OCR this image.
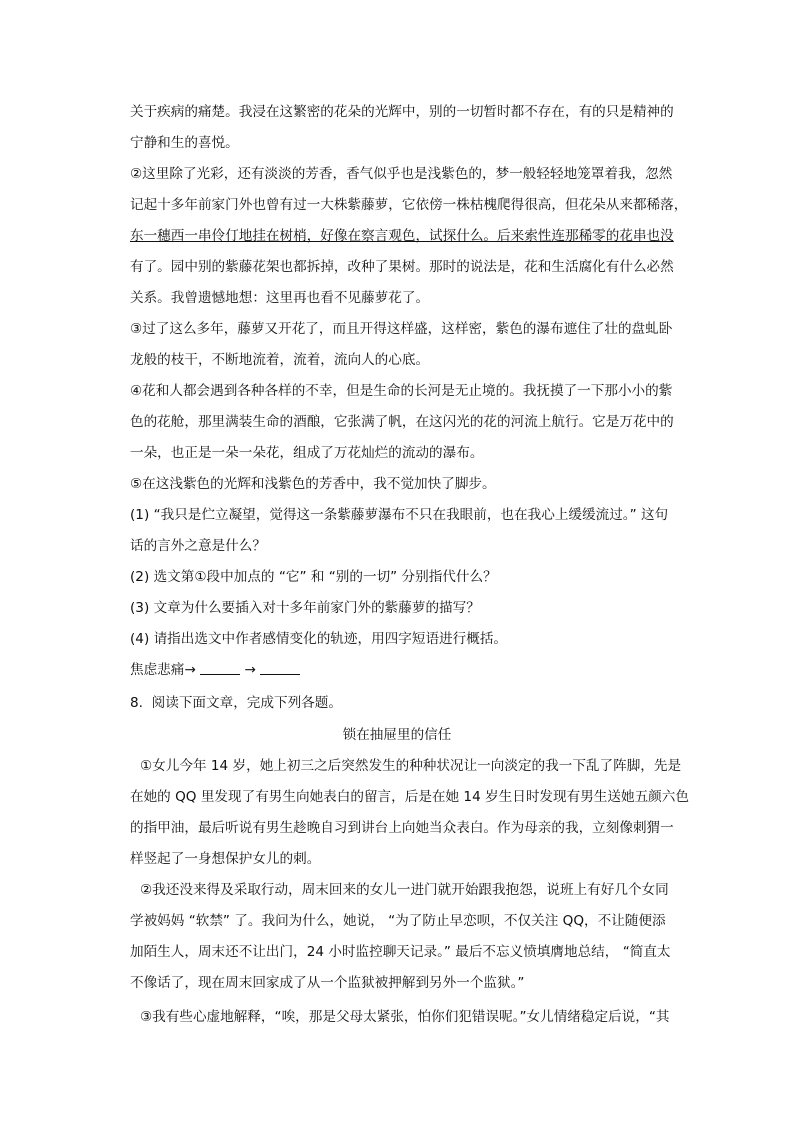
关于疾病的痛楚。我浸在这繁密的花朵的光辉中，别的一切暂时都不存在，有的只是精神的

宁静和生的喜悦。

②这里除了光彩，还有淡淡的芳香，香气似乎也是浅紫色的，梦一般轻轻地笼罩着我，忽然

记起十多年前家门外也曾有过一大株紫藤萝，它依傍一株枯槐爬得很高，但花朵从来都稀落，

东一穗西一串伶仃地挂在树梢，好像在察言观色，试探什么。后来索性连那稀零的花串也没

有了。园中别的紫藤花架也都拆掉，改种了果树。那时的说法是，花和生活腐化有什么必然

关系。我曾遗憾地想：这里再也看不见藤萝花了。

③过了这么多年，藤萝又开花了，而且开得这样盛，这样密，紫色的瀑布遮住了壮的盘虬卧

龙般的枝干，不断地流着，流着，流向人的心底。

④花和人都会遇到各种各样的不幸，但是生命的长河是无止境的。我抚摸了一下那小小的紫

色的花舱，那里满装生命的酒酿，它张满了帆，在这闪光的花的河流上航行。它是万花中的

一朵，也正是一朵一朵花，组成了万花灿烂的流动的瀑布。

⑤在这浅紫色的光辉和浅紫色的芳香中，我不觉加快了脚步。

(1) “我只是伫立凝望，觉得这一条紫藤萝瀑布不只在我眼前，也在我心上缓缓流过。” 这句

话的言外之意是什么？

(2) 选文第①段中加点的 “它” 和 “别的一切” 分别指代什么？

(3) 文章为什么要插入对十多年前家门外的紫藤萝的描写？

(4) 请指出选文中作者感情变化的轨迹，用四字短语进行概括。

焦虑悲痛→	→

8. 阅读下面文章，完成下列各题。

锁在抽屉里的信任

①女儿今年 14 岁，她上初三之后突然发生的种种状况让一向淡定的我一下乱了阵脚，先是

在她的 QQ 里发现了有男生向她表白的留言，后是在她 14 岁生日时发现有男生送她五颜六色

的指甲油，最后听说有男生趁晚自习到讲台上向她当众表白。作为母亲的我，立刻像刺猬一

样竖起了一身想保护女儿的刺。

②我还没来得及采取行动，周末回来的女儿一进门就开始跟我抱怨，说班上有好几个女同

学被妈妈 “软禁” 了。我问为什么，她说， “为了防止早恋呗，不仅关注 QQ，不让随便添

加陌生人，周末还不让出门，24 小时监控聊天记录。” 最后不忘义愤填膺地总结， “简直太

不像话了，现在周末回家成了从一个监狱被押解到另外一个监狱。”

③我有些心虚地解释，“唉，那是父母太紧张，怕你们犯错误呢。”女儿情绪稳定后说，“其
